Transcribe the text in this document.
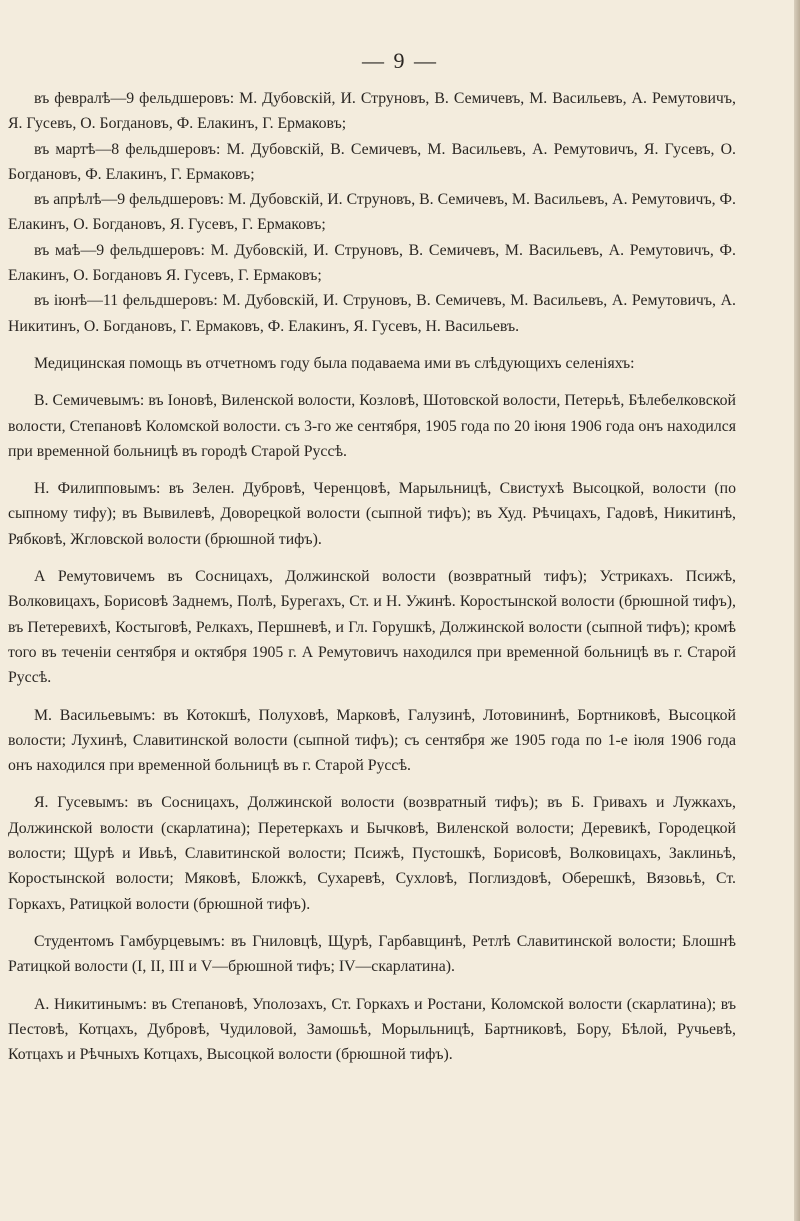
— 9 —

въ февралѣ—9 фельдшеровъ: М. Дубовскій, И. Струновъ, В. Семичевъ, М. Васильевъ, А. Ремутовичъ, Я. Гусевъ, О. Богдановъ, Ф. Елакинъ, Г. Ермаковъ;

въ мартѣ—8 фельдшеровъ: М. Дубовскій, В. Семичевъ, М. Васильевъ, А. Ремутовичъ, Я. Гусевъ, О. Богдановъ, Ф. Елакинъ, Г. Ермаковъ;

въ апрѣлѣ—9 фельдшеровъ: М. Дубовскій, И. Струновъ, В. Семичевъ, М. Васильевъ, А. Ремутовичъ, Ф. Елакинъ, О. Богдановъ, Я. Гусевъ, Г. Ермаковъ;

въ маѣ—9 фельдшеровъ: М. Дубовскій, И. Струновъ, В. Семичевъ, М. Васильевъ, А. Ремутовичъ, Ф. Елакинъ, О. Богдановъ Я. Гусевъ, Г. Ермаковъ;

въ іюнѣ—11 фельдшеровъ: М. Дубовскій, И. Струновъ, В. Семичевъ, М. Васильевъ, А. Ремутовичъ, А. Никитинъ, О. Богдановъ, Г. Ермаковъ, Ф. Елакинъ, Я. Гусевъ, Н. Васильевъ.

Медицинская помощь въ отчетномъ году была подаваема ими въ слѣдующихъ селеніяхъ:

В. Семичевымъ: въ Іоновѣ, Виленской волости, Козловѣ, Шотовской волости, Петерьѣ, Бѣлебелковской волости, Степановѣ Коломской волости. съ 3-го же сентября, 1905 года по 20 іюня 1906 года онъ находился при временной больницѣ въ городѣ Старой Руссѣ.

Н. Филипповымъ: въ Зелен. Дубровѣ, Черенцовѣ, Марыльницѣ, Свистухѣ Высоцкой, волости (по сыпному тифу); въ Вывилевѣ, Доворецкой волости (сыпной тифъ); въ Худ. Рѣчицахъ, Гадовѣ, Никитинѣ, Рябковѣ, Жгловской волости (брюшной тифъ).

А Ремутовичемъ въ Сосницахъ, Должинской волости (возвратный тифъ); Устрикахъ. Псижѣ, Волковицахъ, Борисовѣ Заднемъ, Полѣ, Бурегахъ, Ст. и Н. Ужинѣ. Коростынской волости (брюшной тифъ), въ Петеревихѣ, Костыговѣ, Релкахъ, Першневѣ, и Гл. Горушкѣ, Должинской волости (сыпной тифъ); кромѣ того въ теченіи сентября и октября 1905 г. А Ремутовичъ находился при временной больницѣ въ г. Старой Руссѣ.

М. Васильевымъ: въ Котокшѣ, Полуховѣ, Марковѣ, Галузинѣ, Лотовининѣ, Бортниковѣ, Высоцкой волости; Лухинѣ, Славитинской волости (сыпной тифъ); съ сентября же 1905 года по 1-е іюля 1906 года онъ находился при временной больницѣ въ г. Старой Руссѣ.

Я. Гусевымъ: въ Сосницахъ, Должинской волости (возвратный тифъ); въ Б. Гривахъ и Лужкахъ, Должинской волости (скарлатина); Перетеркахъ и Бычковѣ, Виленской волости; Деревикѣ, Городецкой волости; Щурѣ и Ивьѣ, Славитинской волости; Псижѣ, Пустошкѣ, Борисовѣ, Волковицахъ, Заклиньѣ, Коростынской волости; Мяковѣ, Бложкѣ, Сухаревѣ, Сухловѣ, Поглиздовѣ, Оберешкѣ, Вязовьѣ, Ст. Горкахъ, Ратицкой волости (брюшной тифъ).

Студентомъ Гамбурцевымъ: въ Гниловцѣ, Щурѣ, Гарбавщинѣ, Ретлѣ Славитинской волости; Блошнѣ Ратицкой волости (I, II, III и V—брюшной тифъ; IV—скарлатина).

А. Никитинымъ: въ Степановѣ, Уполозахъ, Ст. Горкахъ и Ростани, Коломской волости (скарлатина); въ Пестовѣ, Котцахъ, Дубровѣ, Чудиловой, Замошьѣ, Морыльницѣ, Бартниковѣ, Бору, Бѣлой, Ручьевѣ, Котцахъ и Рѣчныхъ Котцахъ, Высоцкой волости (брюшной тифъ).
